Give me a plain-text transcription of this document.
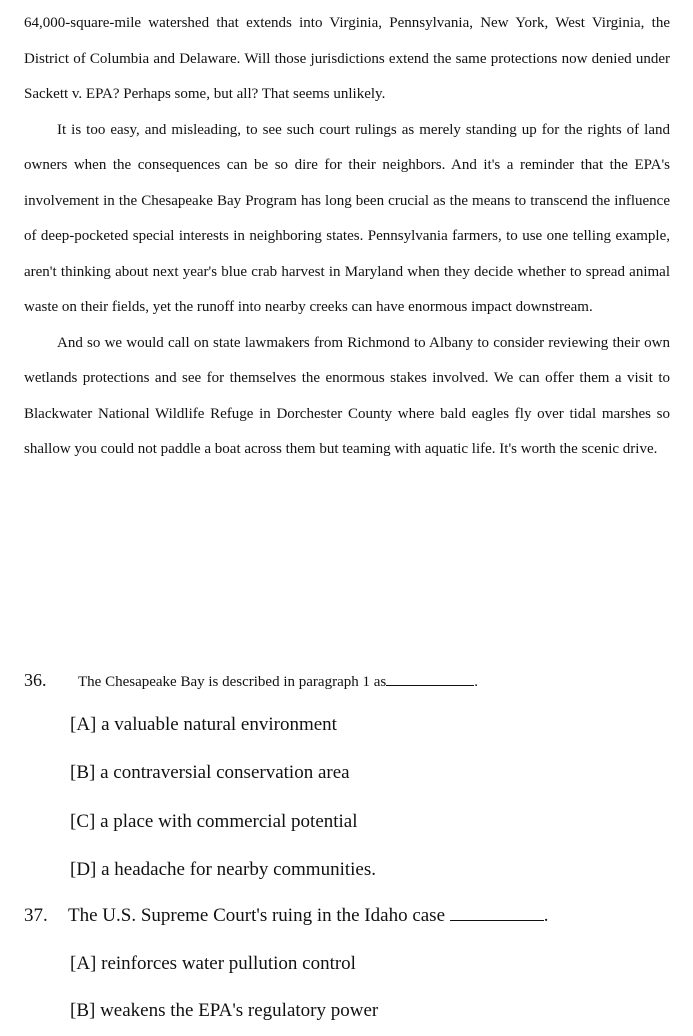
64,000-square-mile watershed that extends into Virginia, Pennsylvania, New York, West Virginia, the District of Columbia and Delaware. Will those jurisdictions extend the same protections now denied under Sackett v. EPA? Perhaps some, but all? That seems unlikely.

It is too easy, and misleading, to see such court rulings as merely standing up for the rights of land owners when the consequences can be so dire for their neighbors. And it's a reminder that the EPA's involvement in the Chesapeake Bay Program has long been crucial as the means to transcend the influence of deep-pocketed special interests in neighboring states. Pennsylvania farmers, to use one telling example, aren't thinking about next year's blue crab harvest in Maryland when they decide whether to spread animal waste on their fields, yet the runoff into nearby creeks can have enormous impact downstream.

And so we would call on state lawmakers from Richmond to Albany to consider reviewing their own wetlands protections and see for themselves the enormous stakes involved. We can offer them a visit to Blackwater National Wildlife Refuge in Dorchester County where bald eagles fly over tidal marshes so shallow you could not paddle a boat across them but teaming with aquatic life. It's worth the scenic drive.

36. The Chesapeake Bay is described in paragraph 1 as	.
[A] a valuable natural environment
[B] a contraversial conservation area
[C] a place with commercial potential
[D] a headache for nearby communities.
37. The U.S. Supreme Court's ruing in the Idaho case	.
[A] reinforces water pullution control
[B] weakens the EPA's regulatory power
